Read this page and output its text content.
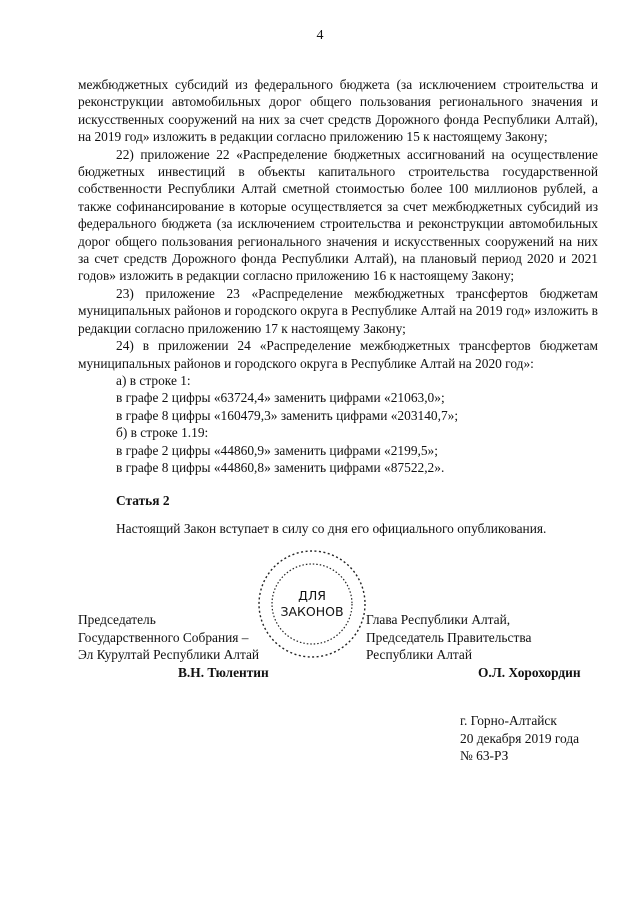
4

межбюджетных субсидий из федерального бюджета (за исключением строительства и реконструкции автомобильных дорог общего пользования регионального значения и искусственных сооружений на них за счет средств Дорожного фонда Республики Алтай), на 2019 год» изложить в редакции согласно приложению 15 к настоящему Закону;

22) приложение 22 «Распределение бюджетных ассигнований на осуществление бюджетных инвестиций в объекты капитального строительства государственной собственности Республики Алтай сметной стоимостью более 100 миллионов рублей, а также софинансирование в которые осуществляется за счет межбюджетных субсидий из федерального бюджета (за исключением строительства и реконструкции автомобильных дорог общего пользования регионального значения и искусственных сооружений на них за счет средств Дорожного фонда Республики Алтай), на плановый период 2020 и 2021 годов» изложить в редакции согласно приложению 16 к настоящему Закону;

23) приложение 23 «Распределение межбюджетных трансфертов бюджетам муниципальных районов и городского округа в Республике Алтай на 2019 год» изложить в редакции согласно приложению 17 к настоящему Закону;

24) в приложении 24 «Распределение межбюджетных трансфертов бюджетам муниципальных районов и городского округа в Республике Алтай на 2020 год»:

а) в строке 1:

в графе 2 цифры «63724,4» заменить цифрами «21063,0»;

в графе 8 цифры «160479,3» заменить цифрами «203140,7»;

б) в строке 1.19:

в графе 2 цифры «44860,9» заменить цифрами «2199,5»;

в графе 8 цифры «44860,8» заменить цифрами «87522,2».

Статья 2

Настоящий Закон вступает в силу со дня его официального опубликования.

Председатель
Государственного Собрания –
Эл Курултай Республики Алтай
В.Н. Тюлентин
Глава Республики Алтай,
Председатель Правительства
Республики Алтай
О.Л. Хорохордин
ДЛЯ
ЗАКОНОВ
г. Горно-Алтайск
20 декабря 2019 года
№ 63-РЗ
